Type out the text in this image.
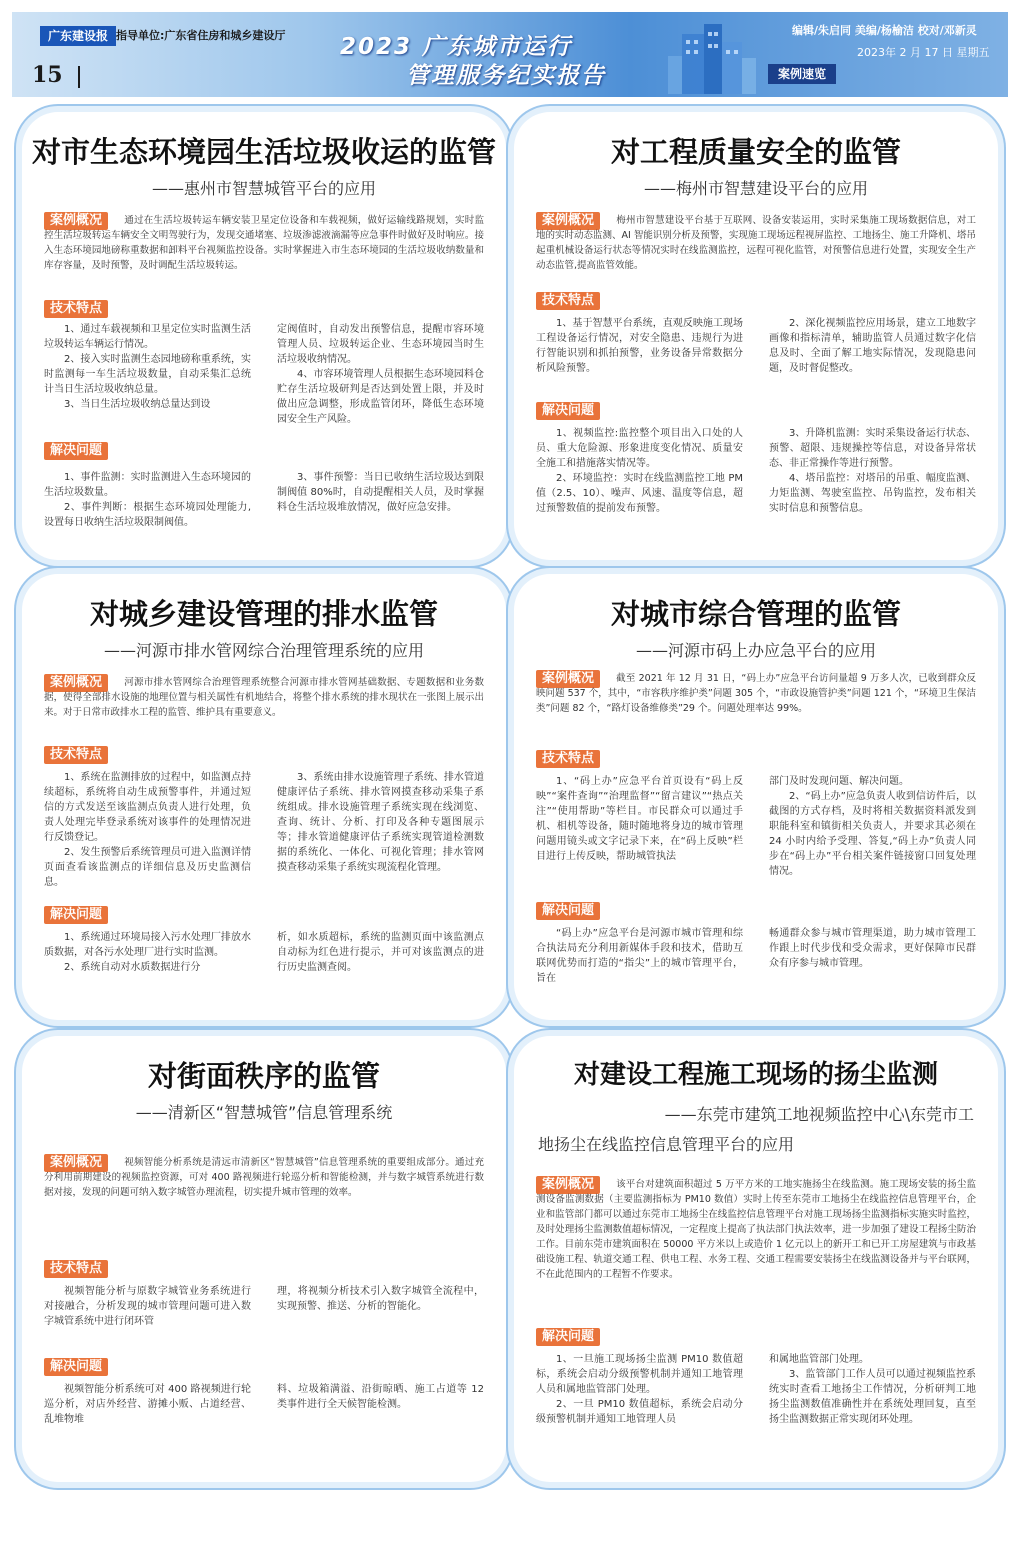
广东建设报 指导单位:广东省住房和城乡建设厅
15
2023 广东城市运行
管理服务纪实报告
编辑/朱启同 美编/杨榆洁 校对/邓新灵
2023年 2 月 17 日 星期五
案例速览
对市生态环境园生活垃圾收运的监管
——惠州市智慧城管平台的应用
案例概况	通过在生活垃圾转运车辆安装卫星定位设备和车载视频，做好运输线路规划，实时监控生活垃圾转运车辆安全文明驾驶行为，发现交通堵塞、垃圾渗滤液滴漏等应急事件时做好及时响应。接入生态环境园地磅称重数据和卸料平台视频监控设备。实时掌握进入市生态环境园的生活垃圾收纳数量和库存容量，及时预警，及时调配生活垃圾转运。
技术特点

1、通过车载视频和卫星定位实时监测生活垃圾转运车辆运行情况。

2、接入实时监测生态园地磅称重系统，实时监测每一车生活垃圾数量，自动采集汇总统计当日生活垃圾收纳总量。

3、当日生活垃圾收纳总量达到设

定阀值时，自动发出预警信息，提醒市容环境管理人员、垃圾转运企业、生态环境园当时生活垃圾收纳情况。

4、市容环境管理人员根据生态环境园料仓贮存生活垃圾研判是否达到处置上限，并及时做出应急调整，形成监管闭环，降低生态环境园安全生产风险。

解决问题

1、事件监测：实时监测进入生态环境园的生活垃圾数量。

2、事件判断：根据生态环境园处理能力,设置每日收纳生活垃圾限制阀值。

3、事件预警：当日已收纳生活垃圾达到限制阀值 80%时，自动提醒相关人员，及时掌握料仓生活垃圾堆放情况，做好应急安排。

对工程质量安全的监管
——梅州市智慧建设平台的应用
案例概况	梅州市智慧建设平台基于互联网、设备安装运用，实时采集施工现场数据信息，对工地的实时动态监测、AI 智能识别分析及预警，实现施工现场远程视屏监控、工地扬尘、施工升降机、塔吊起重机械设备运行状态等情况实时在线监测监控，远程可视化监管，对预警信息进行处置，实现安全生产动态监管,提高监管效能。
技术特点

1、基于智慧平台系统，直观反映施工现场工程设备运行情况，对安全隐患、违规行为进行智能识别和抓拍预警，业务设备异常数据分析风险预警。

2、深化视频监控应用场景，建立工地数字画像和指标清单，辅助监管人员通过数字化信息及时、全面了解工地实际情况，发现隐患问题，及时督促整改。

解决问题

1、视频监控:监控整个项目出入口处的人员、重大危险源、形象进度变化情况、质量安全施工和措施落实情况等。

2、环境监控：实时在线监测监控工地 PM 值（2.5、10）、噪声、风速、温度等信息，超过预警数值的提前发布预警。

3、升降机监测：实时采集设备运行状态、预警、超限、违规操控等信息，对设备异常状态、非正常操作等进行预警。

4、塔吊监控：对塔吊的吊重、幅度监测、力矩监测、驾驶室监控、吊钩监控，发布相关实时信息和预警信息。

对城乡建设管理的排水监管
——河源市排水管网综合治理管理系统的应用
案例概况	河源市排水管网综合治理管理系统整合河源市排水管网基础数据、专题数据和业务数据，使得全部排水设施的地理位置与相关属性有机地结合，将整个排水系统的排水现状在一张图上展示出来。对于日常市政排水工程的监管、维护具有重要意义。
技术特点

1、系统在监测排放的过程中，如监测点持续超标，系统将自动生成预警事件，并通过短信的方式发送至该监测点负责人进行处理，负责人处理完毕登录系统对该事件的处理情况进行反馈登记。

2、发生预警后系统管理员可进入监测详情页面查看该监测点的详细信息及历史监测信息。

3、系统由排水设施管理子系统、排水管道健康评估子系统、排水管网摸查移动采集子系统组成。排水设施管理子系统实现在线浏览、查询、统计、分析、打印及各种专题图展示等；排水管道健康评估子系统实现管道检测数据的系统化、一体化、可视化管理；排水管网摸查移动采集子系统实现流程化管理。

解决问题

1、系统通过环境局接入污水处理厂排放水质数据，对各污水处理厂进行实时监测。

2、系统自动对水质数据进行分

析，如水质超标，系统的监测页面中该监测点自动标为红色进行提示，并可对该监测点的进行历史监测查阅。

对城市综合管理的监管
——河源市码上办应急平台的应用
案例概况	截至 2021 年 12 月 31 日，“码上办”应急平台访问量超 9 万多人次，已收到群众反映问题 537 个，其中，“市容秩序维护类”问题 305 个，“市政设施管护类”问题 121 个，“环境卫生保洁类”问题 82 个，“路灯设备维修类”29 个。问题处理率达 99%。
技术特点

1、“码上办”应急平台首页设有“码上反映”“案件查询”“治理监督”“留言建议”“热点关注”“使用帮助”等栏目。市民群众可以通过手机、相机等设备，随时随地将身边的城市管理问题用镜头或文字记录下来，在“码上反映”栏目进行上传反映，帮助城管执法

部门及时发现问题、解决问题。

2、“码上办”应急负责人收到信访件后，以截图的方式存档，及时将相关数据资料派发到职能科室和镇街相关负责人，并要求其必须在 24 小时内给予受理、答复,“码上办”负责人同步在“码上办”平台相关案件链接窗口回复处理情况。

解决问题

“码上办”应急平台是河源市城市管理和综合执法局充分利用新媒体手段和技术，借助互联网优势而打造的“指尖”上的城市管理平台，旨在

畅通群众参与城市管理渠道，助力城市管理工作跟上时代步伐和受众需求，更好保障市民群众有序参与城市管理。

对街面秩序的监管
——清新区“智慧城管”信息管理系统
案例概况	视频智能分析系统是清远市清新区“智慧城管”信息管理系统的重要组成部分。通过充分利用前期建设的视频监控资源，可对 400 路视频进行轮巡分析和智能检测，并与数字城管系统进行数据对接，发现的问题可纳入数字城管办理流程，切实提升城市管理的效率。
技术特点

视频智能分析与原数字城管业务系统进行对接融合，分析发现的城市管理问题可进入数字城管系统中进行闭环管

理，将视频分析技术引入数字城管全流程中，实现预警、推送、分析的智能化。

解决问题

视频智能分析系统可对 400 路视频进行轮巡分析，对店外经营、游摊小贩、占道经营、乱堆物堆

料、垃圾箱满溢、沿街晾晒、施工占道等 12 类事件进行全天候智能检测。

对建设工程施工现场的扬尘监测
——东莞市建筑工地视频监控中心\东莞市工
地扬尘在线监控信息管理平台的应用
案例概况	该平台对建筑面积超过 5 万平方米的工地实施扬尘在线监测。施工现场安装的扬尘监测设备监测数据（主要监测指标为 PM10 数值）实时上传至东莞市工地扬尘在线监控信息管理平台，企业和监管部门都可以通过东莞市工地扬尘在线监控信息管理平台对施工现场扬尘监测指标实施实时监控，及时处理扬尘监测数值超标情况，一定程度上提高了执法部门执法效率，进一步加强了建设工程扬尘防治工作。目前东莞市建筑面积在 50000 平方米以上或造价 1 亿元以上的新开工和已开工房屋建筑与市政基础设施工程、轨道交通工程、供电工程、水务工程、交通工程需要安装扬尘在线监测设备并与平台联网，不在此范围内的工程暂不作要求。
解决问题

1、一旦施工现场扬尘监测 PM10 数值超标，系统会启动分级预警机制并通知工地管理人员和属地监管部门处理。

2、一旦 PM10 数值超标，系统会启动分级预警机制并通知工地管理人员

和属地监管部门处理。

3、监管部门工作人员可以通过视频监控系统实时查看工地扬尘工作情况，分析研判工地扬尘监测数值准确性并在系统处理回复，直至扬尘监测数据正常实现闭环处理。
